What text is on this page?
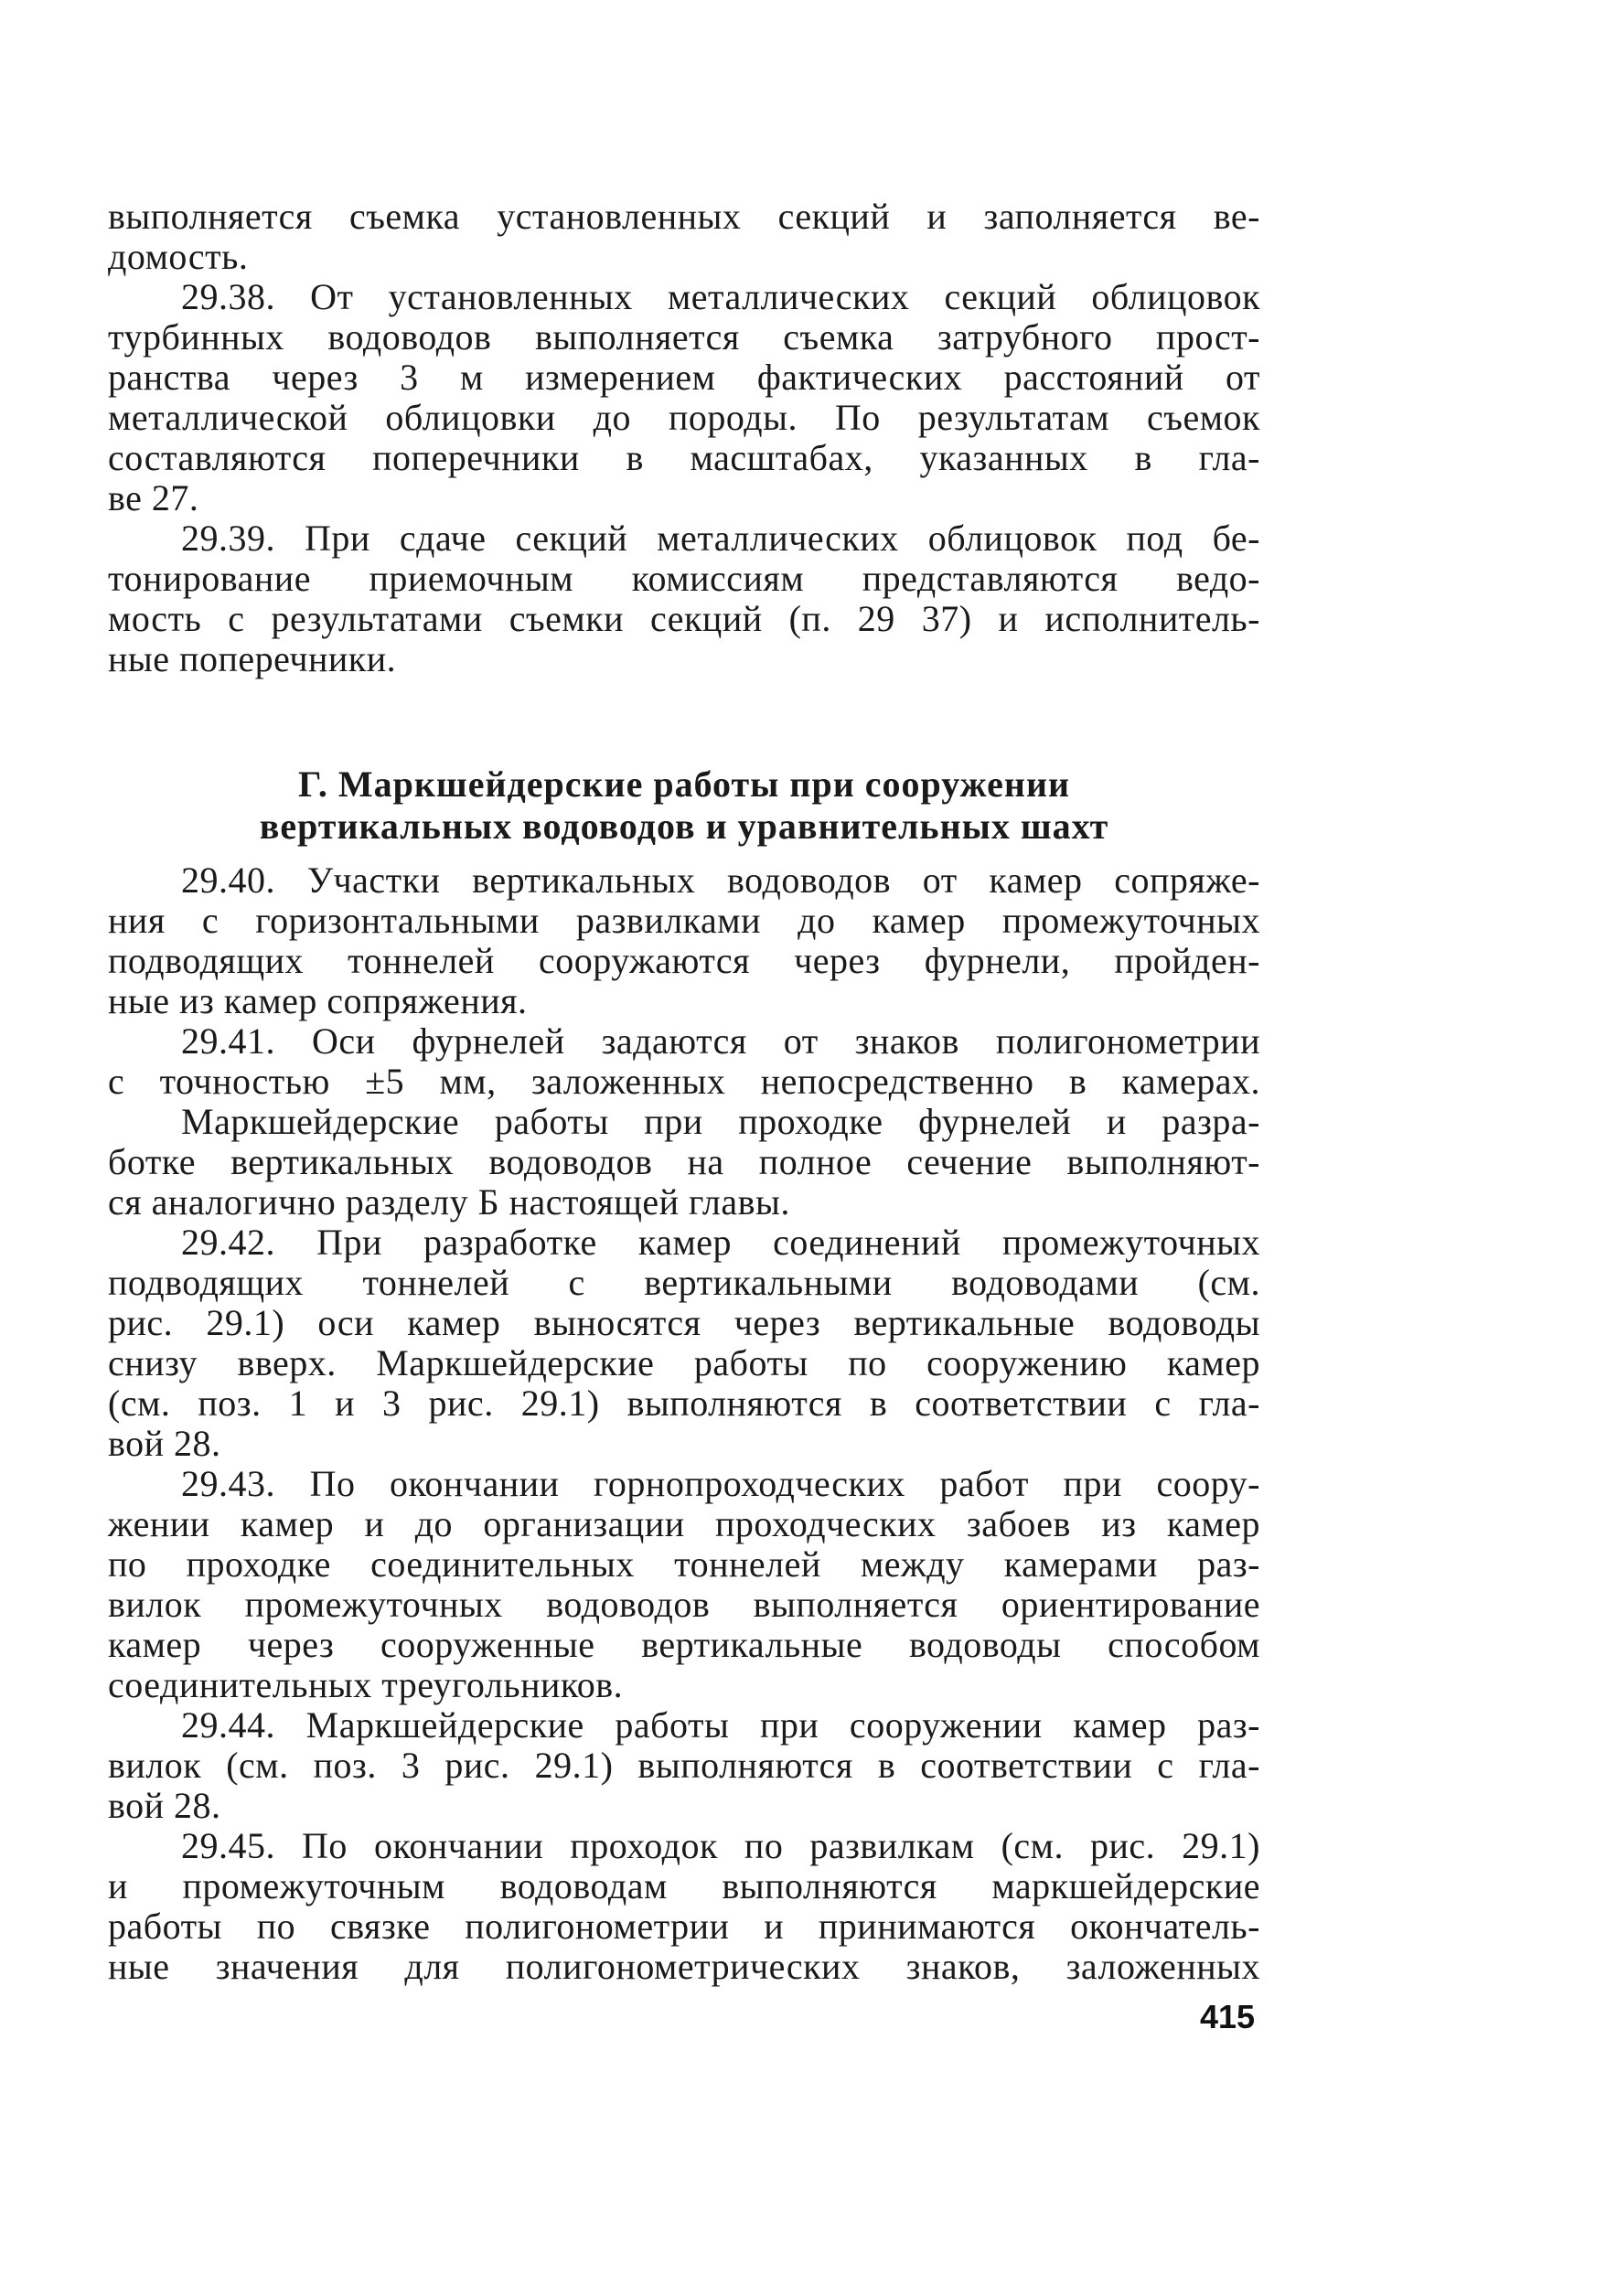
выполняется съемка установленных секций и заполняется ве-
домость.
29.38. От установленных металлических секций облицовок
турбинных водоводов выполняется съемка затрубного прост-
ранства через 3 м измерением фактических расстояний от
металлической облицовки до породы. По результатам съемок
составляются поперечники в масштабах, указанных в гла-
ве 27.
29.39. При сдаче секций металлических облицовок под бе-
тонирование приемочным комиссиям представляются ведо-
мость с результатами съемки секций (п. 29 37) и исполнитель-
ные поперечники.
Г. Маркшейдерские работы при сооружении
вертикальных водоводов и уравнительных шахт
29.40. Участки вертикальных водоводов от камер сопряже-
ния с горизонтальными развилками до камер промежуточных
подводящих тоннелей сооружаются через фурнели, пройден-
ные из камер сопряжения.
29.41. Оси фурнелей задаются от знаков полигонометрии
с точностью ±5 мм, заложенных непосредственно в камерах.
Маркшейдерские работы при проходке фурнелей и разра-
ботке вертикальных водоводов на полное сечение выполняют-
ся аналогично разделу Б настоящей главы.
29.42. При разработке камер соединений промежуточных
подводящих тоннелей с вертикальными водоводами (см.
рис. 29.1) оси камер выносятся через вертикальные водоводы
снизу вверх. Маркшейдерские работы по сооружению камер
(см. поз. 1 и 3 рис. 29.1) выполняются в соответствии с гла-
вой 28.
29.43. По окончании горнопроходческих работ при соору-
жении камер и до организации проходческих забоев из камер
по проходке соединительных тоннелей между камерами раз-
вилок промежуточных водоводов выполняется ориентирование
камер через сооруженные вертикальные водоводы способом
соединительных треугольников.
29.44. Маркшейдерские работы при сооружении камер раз-
вилок (см. поз. 3 рис. 29.1) выполняются в соответствии с гла-
вой 28.
29.45. По окончании проходок по развилкам (см. рис. 29.1)
и промежуточным водоводам выполняются маркшейдерские
работы по связке полигонометрии и принимаются окончатель-
ные значения для полигонометрических знаков, заложенных
415
